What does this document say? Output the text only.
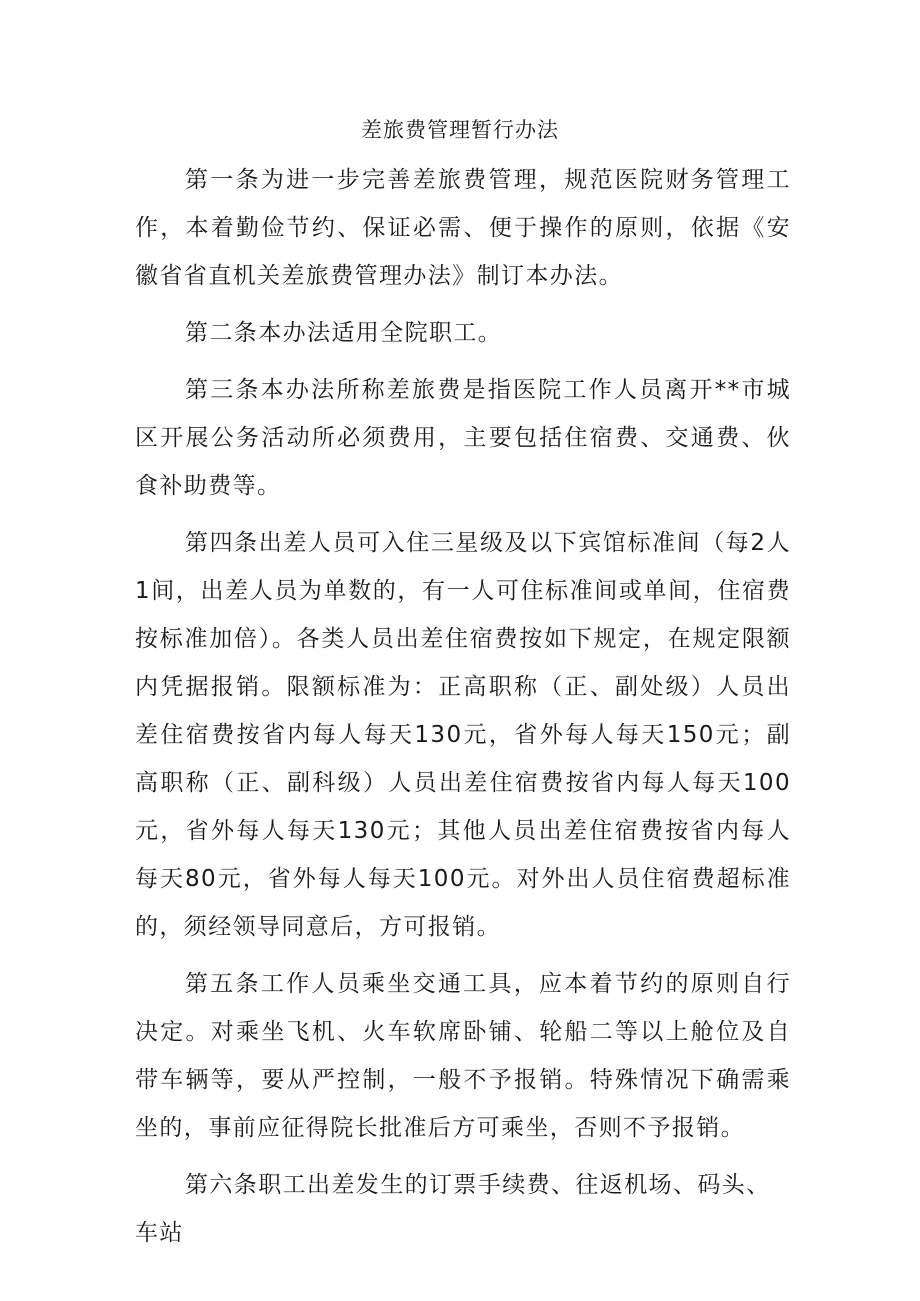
差旅费管理暂行办法

第一条为进一步完善差旅费管理，规范医院财务管理工作，本着勤俭节约、保证必需、便于操作的原则，依据《安徽省省直机关差旅费管理办法》制订本办法。

第二条本办法适用全院职工。

第三条本办法所称差旅费是指医院工作人员离开**市城区开展公务活动所必须费用，主要包括住宿费、交通费、伙食补助费等。

第四条出差人员可入住三星级及以下宾馆标准间（每2人1间，出差人员为单数的，有一人可住标准间或单间，住宿费按标准加倍）。各类人员出差住宿费按如下规定，在规定限额内凭据报销。限额标准为：正高职称（正、副处级）人员出差住宿费按省内每人每天130元，省外每人每天150元；副高职称（正、副科级）人员出差住宿费按省内每人每天100元，省外每人每天130元；其他人员出差住宿费按省内每人每天80元，省外每人每天100元。对外出人员住宿费超标准的，须经领导同意后，方可报销。

第五条工作人员乘坐交通工具，应本着节约的原则自行决定。对乘坐飞机、火车软席卧铺、轮船二等以上舱位及自带车辆等，要从严控制，一般不予报销。特殊情况下确需乘坐的，事前应征得院长批准后方可乘坐，否则不予报销。

第六条职工出差发生的订票手续费、往返机场、码头、

车站
